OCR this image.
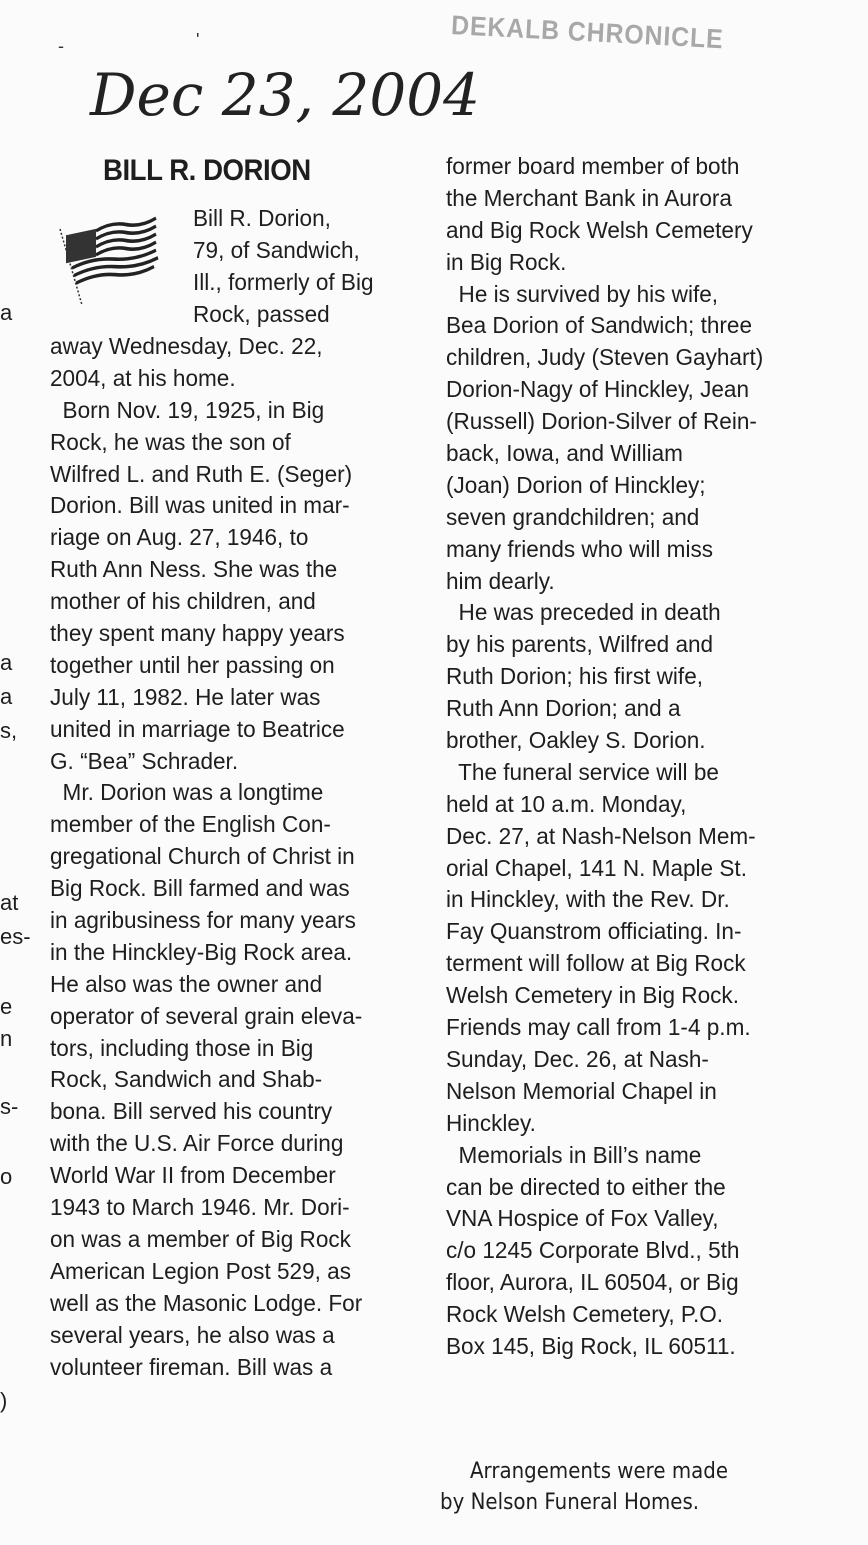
DEKALB CHRONICLE
Dec 23, 2004
-	'
BILL R. DORION
Bill R. Dorion,
79, of Sandwich,
Ill., formerly of Big
Rock, passed
away Wednesday, Dec. 22,
2004, at his home.
Born Nov. 19, 1925, in Big
Rock, he was the son of
Wilfred L. and Ruth E. (Seger)
Dorion. Bill was united in mar-
riage on Aug. 27, 1946, to
Ruth Ann Ness. She was the
mother of his children, and
they spent many happy years
together until her passing on
July 11, 1982. He later was
united in marriage to Beatrice
G. “Bea” Schrader.
Mr. Dorion was a longtime
member of the English Con-
gregational Church of Christ in
Big Rock. Bill farmed and was
in agribusiness for many years
in the Hinckley-Big Rock area.
He also was the owner and
operator of several grain eleva-
tors, including those in Big
Rock, Sandwich and Shab-
bona. Bill served his country
with the U.S. Air Force during
World War II from December
1943 to March 1946. Mr. Dori-
on was a member of Big Rock
American Legion Post 529, as
well as the Masonic Lodge. For
several years, he also was a
volunteer fireman. Bill was a
former board member of both
the Merchant Bank in Aurora
and Big Rock Welsh Cemetery
in Big Rock.
He is survived by his wife,
Bea Dorion of Sandwich; three
children, Judy (Steven Gayhart)
Dorion-Nagy of Hinckley, Jean
(Russell) Dorion-Silver of Rein-
back, Iowa, and William
(Joan) Dorion of Hinckley;
seven grandchildren; and
many friends who will miss
him dearly.
He was preceded in death
by his parents, Wilfred and
Ruth Dorion; his first wife,
Ruth Ann Dorion; and a
brother, Oakley S. Dorion.
The funeral service will be
held at 10 a.m. Monday,
Dec. 27, at Nash-Nelson Mem-
orial Chapel, 141 N. Maple St.
in Hinckley, with the Rev. Dr.
Fay Quanstrom officiating. In-
terment will follow at Big Rock
Welsh Cemetery in Big Rock.
Friends may call from 1-4 p.m.
Sunday, Dec. 26, at Nash-
Nelson Memorial Chapel in
Hinckley.
Memorials in Bill’s name
can be directed to either the
VNA Hospice of Fox Valley,
c/o 1245 Corporate Blvd., 5th
floor, Aurora, IL 60504, or Big
Rock Welsh Cemetery, P.O.
Box 145, Big Rock, IL 60511.
Arrangements were made
by Nelson Funeral Homes.
a
a
a
s,
at
es-
e
n
s-
o
)
